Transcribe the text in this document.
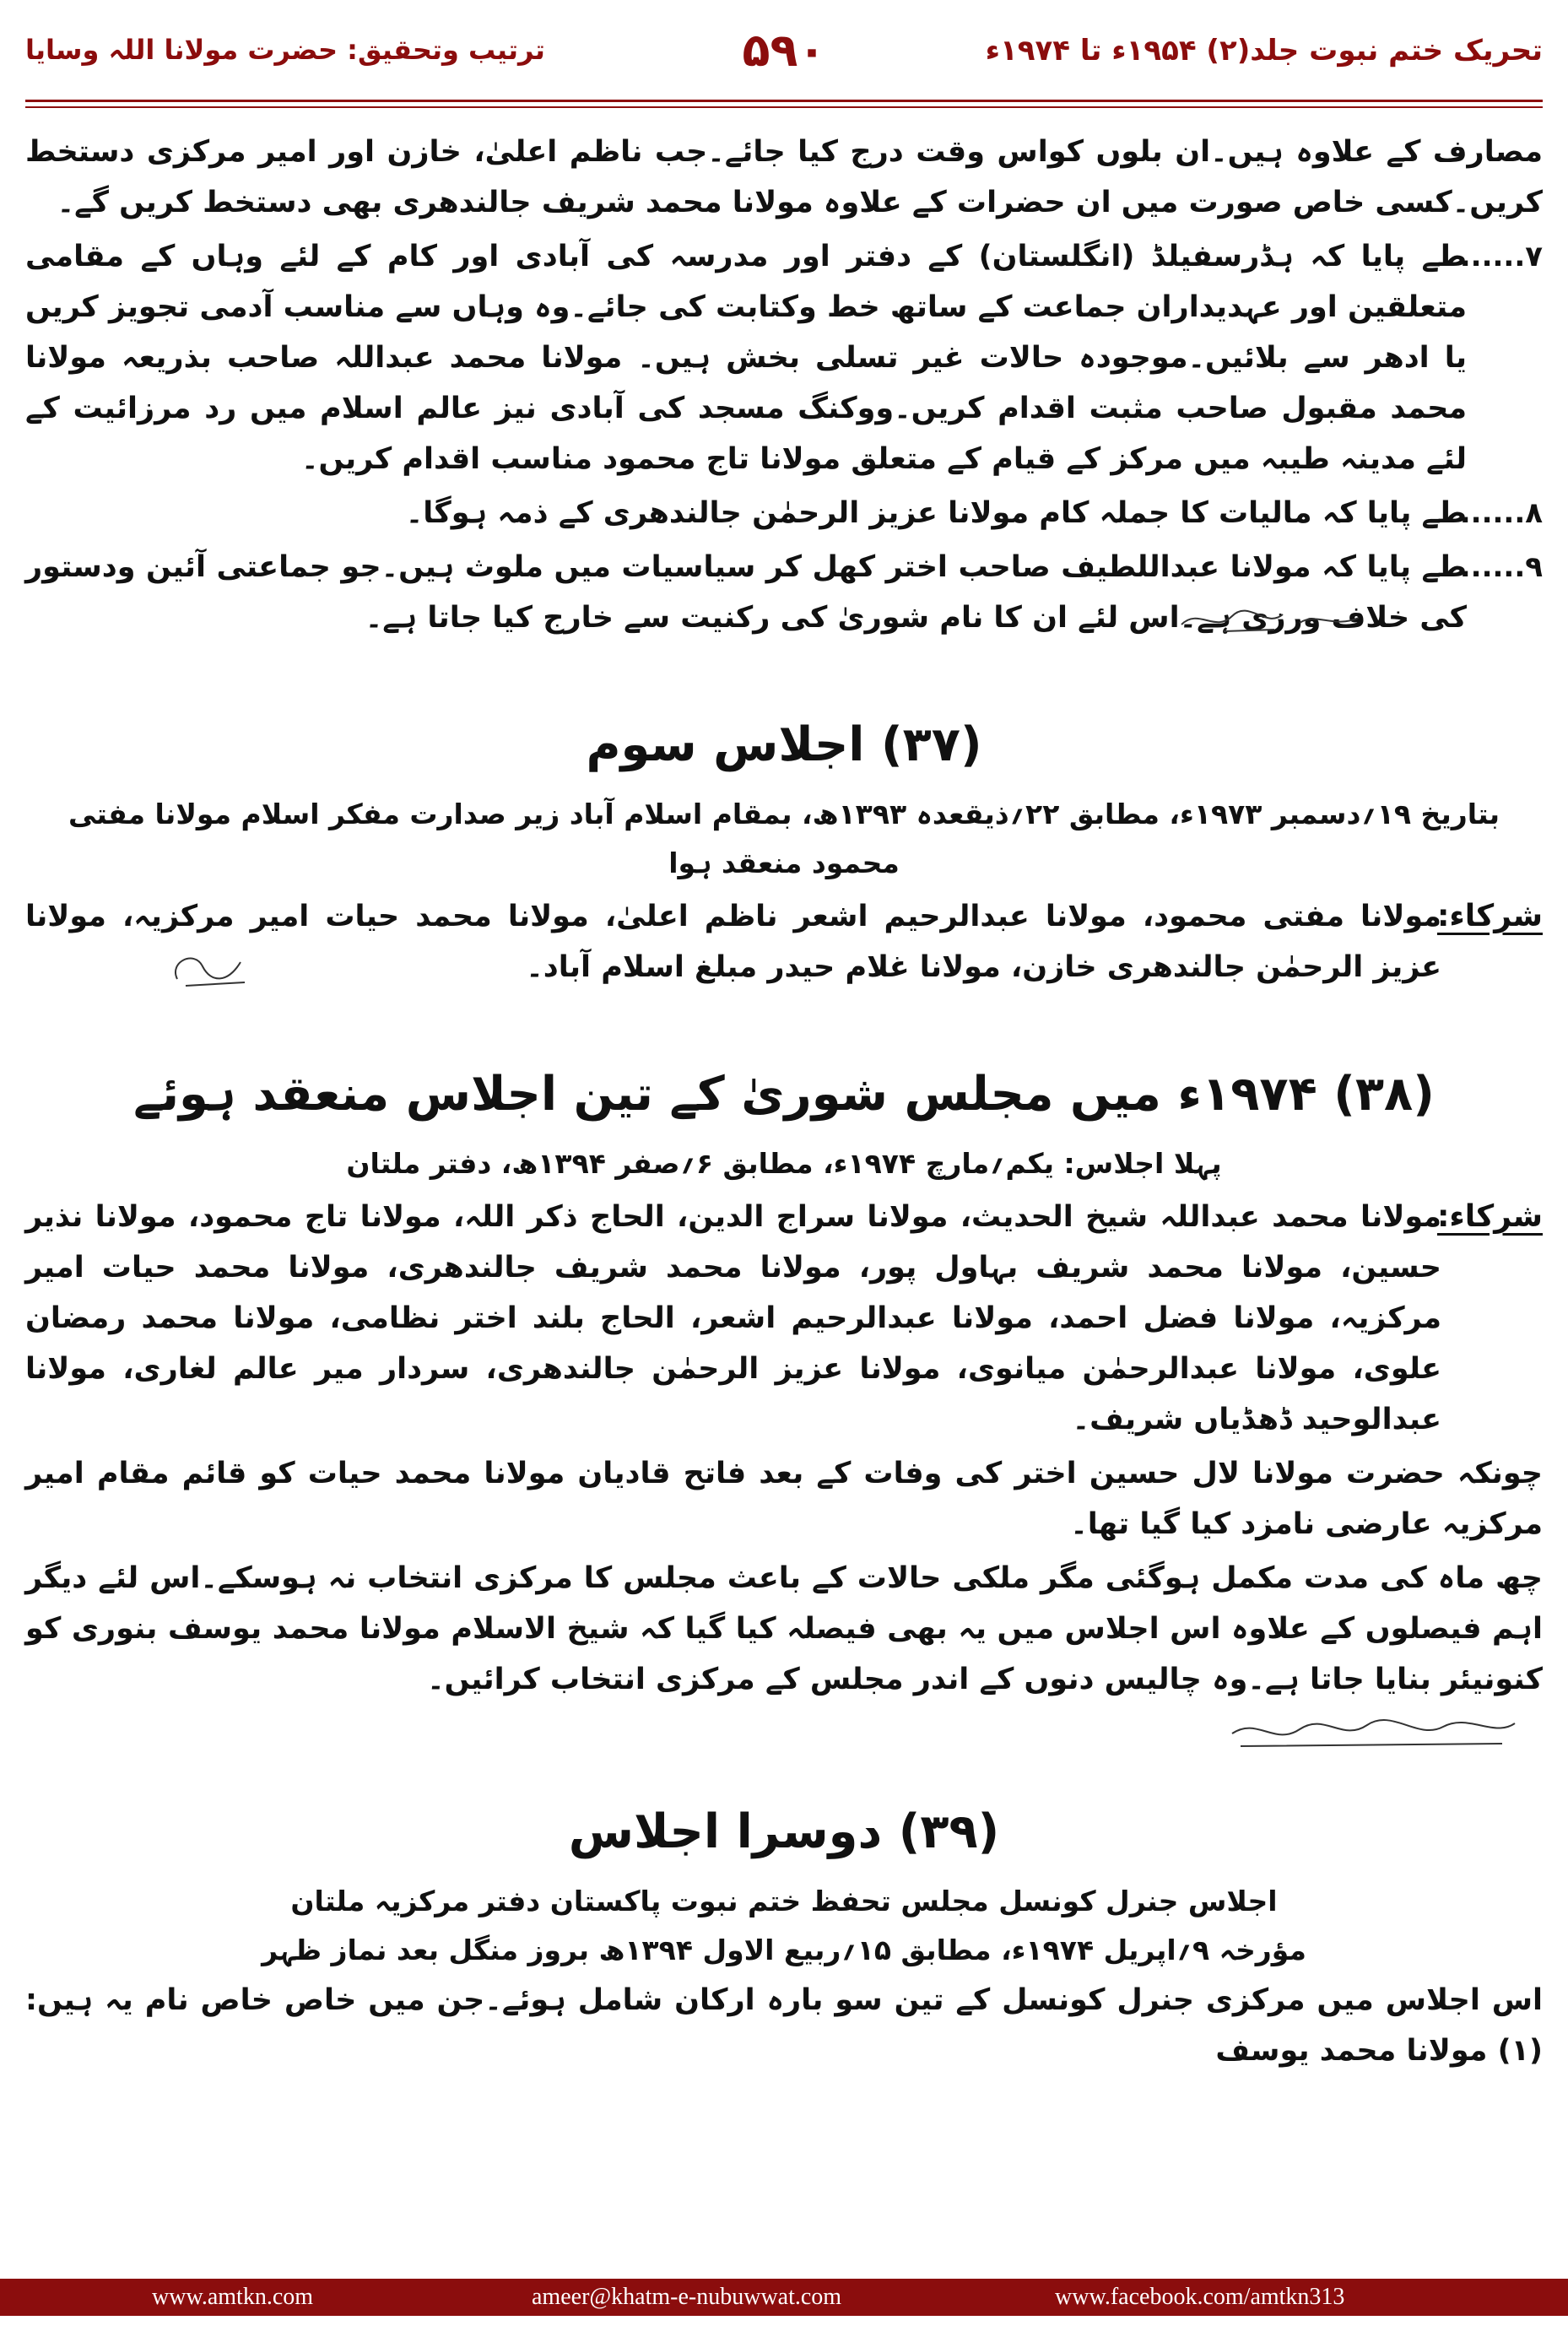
تحریک ختم نبوت جلد(۲) ۱۹۵۴ء تا ۱۹۷۴ء
۵۹۰
ترتیب وتحقیق: حضرت مولانا اللہ وسایا

مصارف کے علاوہ ہیں۔ان بلوں کواس وقت درج کیا جائے۔جب ناظم اعلیٰ، خازن اور امیر مرکزی دستخط کریں۔کسی خاص صورت میں ان حضرات کے علاوہ مولانا محمد شریف جالندھری بھی دستخط کریں گے۔

۷......
طے پایا کہ ہڈرسفیلڈ (انگلستان) کے دفتر اور مدرسہ کی آبادی اور کام کے لئے وہاں کے مقامی متعلقین اور عہدیداران جماعت کے ساتھ خط وکتابت کی جائے۔وہ وہاں سے مناسب آدمی تجویز کریں یا ادھر سے بلائیں۔موجودہ حالات غیر تسلی بخش ہیں۔ مولانا محمد عبداللہ صاحب بذریعہ مولانا محمد مقبول صاحب مثبت اقدام کریں۔ووکنگ مسجد کی آبادی نیز عالم اسلام میں رد مرزائیت کے لئے مدینہ طیبہ میں مرکز کے قیام کے متعلق مولانا تاج محمود مناسب اقدام کریں۔
۸......
طے پایا کہ مالیات کا جملہ کام مولانا عزیز الرحمٰن جالندھری کے ذمہ ہوگا۔
۹......
طے پایا کہ مولانا عبداللطیف صاحب اختر کھل کر سیاسیات میں ملوث ہیں۔جو جماعتی آئین ودستور کی خلاف ورزی ہے۔اس لئے ان کا نام شوریٰ کی رکنیت سے خارج کیا جاتا ہے۔
(۳۷) اجلاس سوم

بتاریخ ۱۹؍دسمبر ۱۹۷۳ء، مطابق ۲۲؍ذیقعدہ ۱۳۹۳ھ، بمقام اسلام آباد زیر صدارت مفکر اسلام مولانا مفتی محمود منعقد ہوا

شرکاء:
مولانا مفتی محمود، مولانا عبدالرحیم اشعر ناظم اعلیٰ، مولانا محمد حیات امیر مرکزیہ، مولانا عزیز الرحمٰن جالندھری خازن، مولانا غلام حیدر مبلغ اسلام آباد۔
(۳۸) ۱۹۷۴ء میں مجلس شوریٰ کے تین اجلاس منعقد ہوئے

پہلا اجلاس: یکم؍مارچ ۱۹۷۴ء، مطابق ۶؍صفر ۱۳۹۴ھ، دفتر ملتان

شرکاء:
مولانا محمد عبداللہ شیخ الحدیث، مولانا سراج الدین، الحاج ذکر اللہ، مولانا تاج محمود، مولانا نذیر حسین، مولانا محمد شریف بہاول پور، مولانا محمد شریف جالندھری، مولانا محمد حیات امیر مرکزیہ، مولانا فضل احمد، مولانا عبدالرحیم اشعر، الحاج بلند اختر نظامی، مولانا محمد رمضان علوی، مولانا عبدالرحمٰن میانوی، مولانا عزیز الرحمٰن جالندھری، سردار میر عالم لغاری، مولانا عبدالوحید ڈھڈیاں شریف۔

چونکہ حضرت مولانا لال حسین اختر کی وفات کے بعد فاتح قادیان مولانا محمد حیات کو قائم مقام امیر مرکزیہ عارضی نامزد کیا گیا تھا۔

چھ ماہ کی مدت مکمل ہوگئی مگر ملکی حالات کے باعث مجلس کا مرکزی انتخاب نہ ہوسکے۔اس لئے دیگر اہم فیصلوں کے علاوہ اس اجلاس میں یہ بھی فیصلہ کیا گیا کہ شیخ الاسلام مولانا محمد یوسف بنوری کو کنونیئر بنایا جاتا ہے۔وہ چالیس دنوں کے اندر مجلس کے مرکزی انتخاب کرائیں۔

(۳۹) دوسرا اجلاس

اجلاس جنرل کونسل مجلس تحفظ ختم نبوت پاکستان دفتر مرکزیہ ملتان

مؤرخہ ۹؍اپریل ۱۹۷۴ء، مطابق ۱۵؍ربیع الاول ۱۳۹۴ھ بروز منگل بعد نماز ظہر

اس اجلاس میں مرکزی جنرل کونسل کے تین سو بارہ ارکان شامل ہوئے۔جن میں خاص خاص نام یہ ہیں: (۱) مولانا محمد یوسف

www.amtkn.com	ameer@khatm-e-nubuwwat.com	www.facebook.com/amtkn313
